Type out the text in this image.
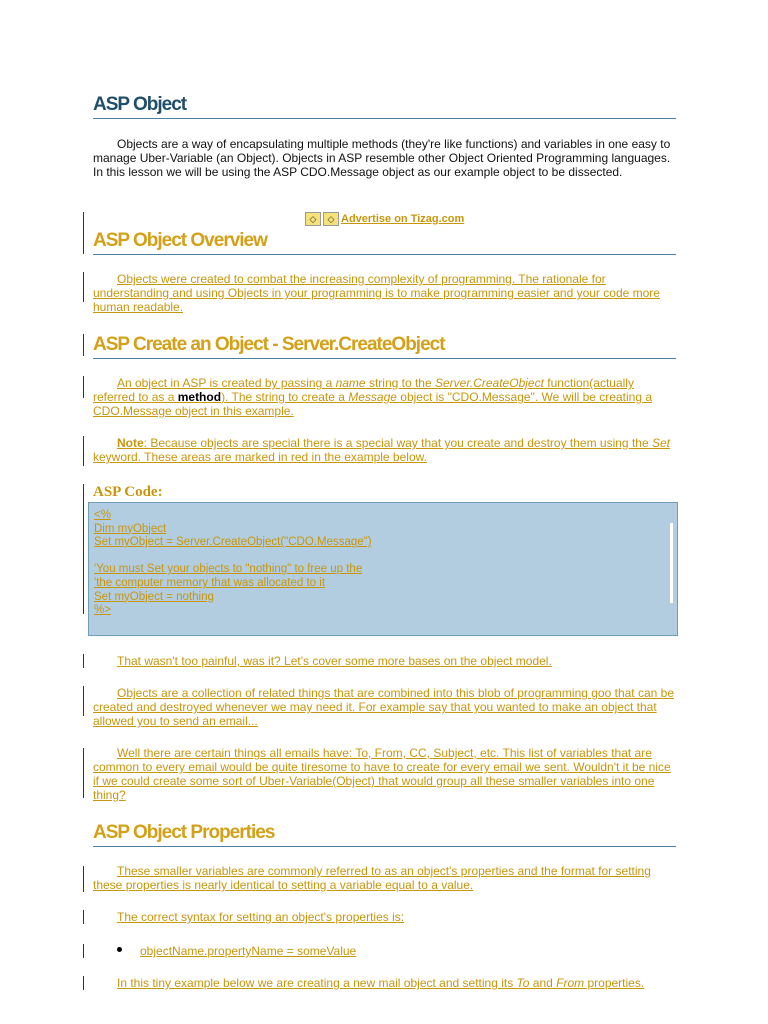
ASP Object
Objects are a way of encapsulating multiple methods (they're like functions) and variables in one easy to manage Uber-Variable (an Object). Objects in ASP resemble other Object Oriented Programming languages. In this lesson we will be using the ASP CDO.Message object as our example object to be dissected.
◇	◇ Advertise on Tizag.com
ASP Object Overview
Objects were created to combat the increasing complexity of programming. The rationale for understanding and using Objects in your programming is to make programming easier and your code more human readable.
ASP Create an Object - Server.CreateObject
An object in ASP is created by passing a name string to the Server.CreateObject function(actually referred to as a method). The string to create a Message object is "CDO.Message". We will be creating a CDO.Message object in this example.
Note: Because objects are special there is a special way that you create and destroy them using the Set keyword. These areas are marked in red in the example below.
ASP Code:
<%
Dim myObject
Set myObject = Server.CreateObject("CDO.Message")
'You must Set your objects to "nothing" to free up the
'the computer memory that was allocated to it
Set myObject = nothing
%>
That wasn't too painful, was it? Let's cover some more bases on the object model.
Objects are a collection of related things that are combined into this blob of programming goo that can be created and destroyed whenever we may need it. For example say that you wanted to make an object that allowed you to send an email...
Well there are certain things all emails have: To, From, CC, Subject, etc. This list of variables that are common to every email would be quite tiresome to have to create for every email we sent. Wouldn't it be nice if we could create some sort of Uber-Variable(Object) that would group all these smaller variables into one thing?
ASP Object Properties
These smaller variables are commonly referred to as an object's properties and the format for setting these properties is nearly identical to setting a variable equal to a value.
The correct syntax for setting an object's properties is:
objectName.propertyName = someValue
In this tiny example below we are creating a new mail object and setting its To and From properties.
